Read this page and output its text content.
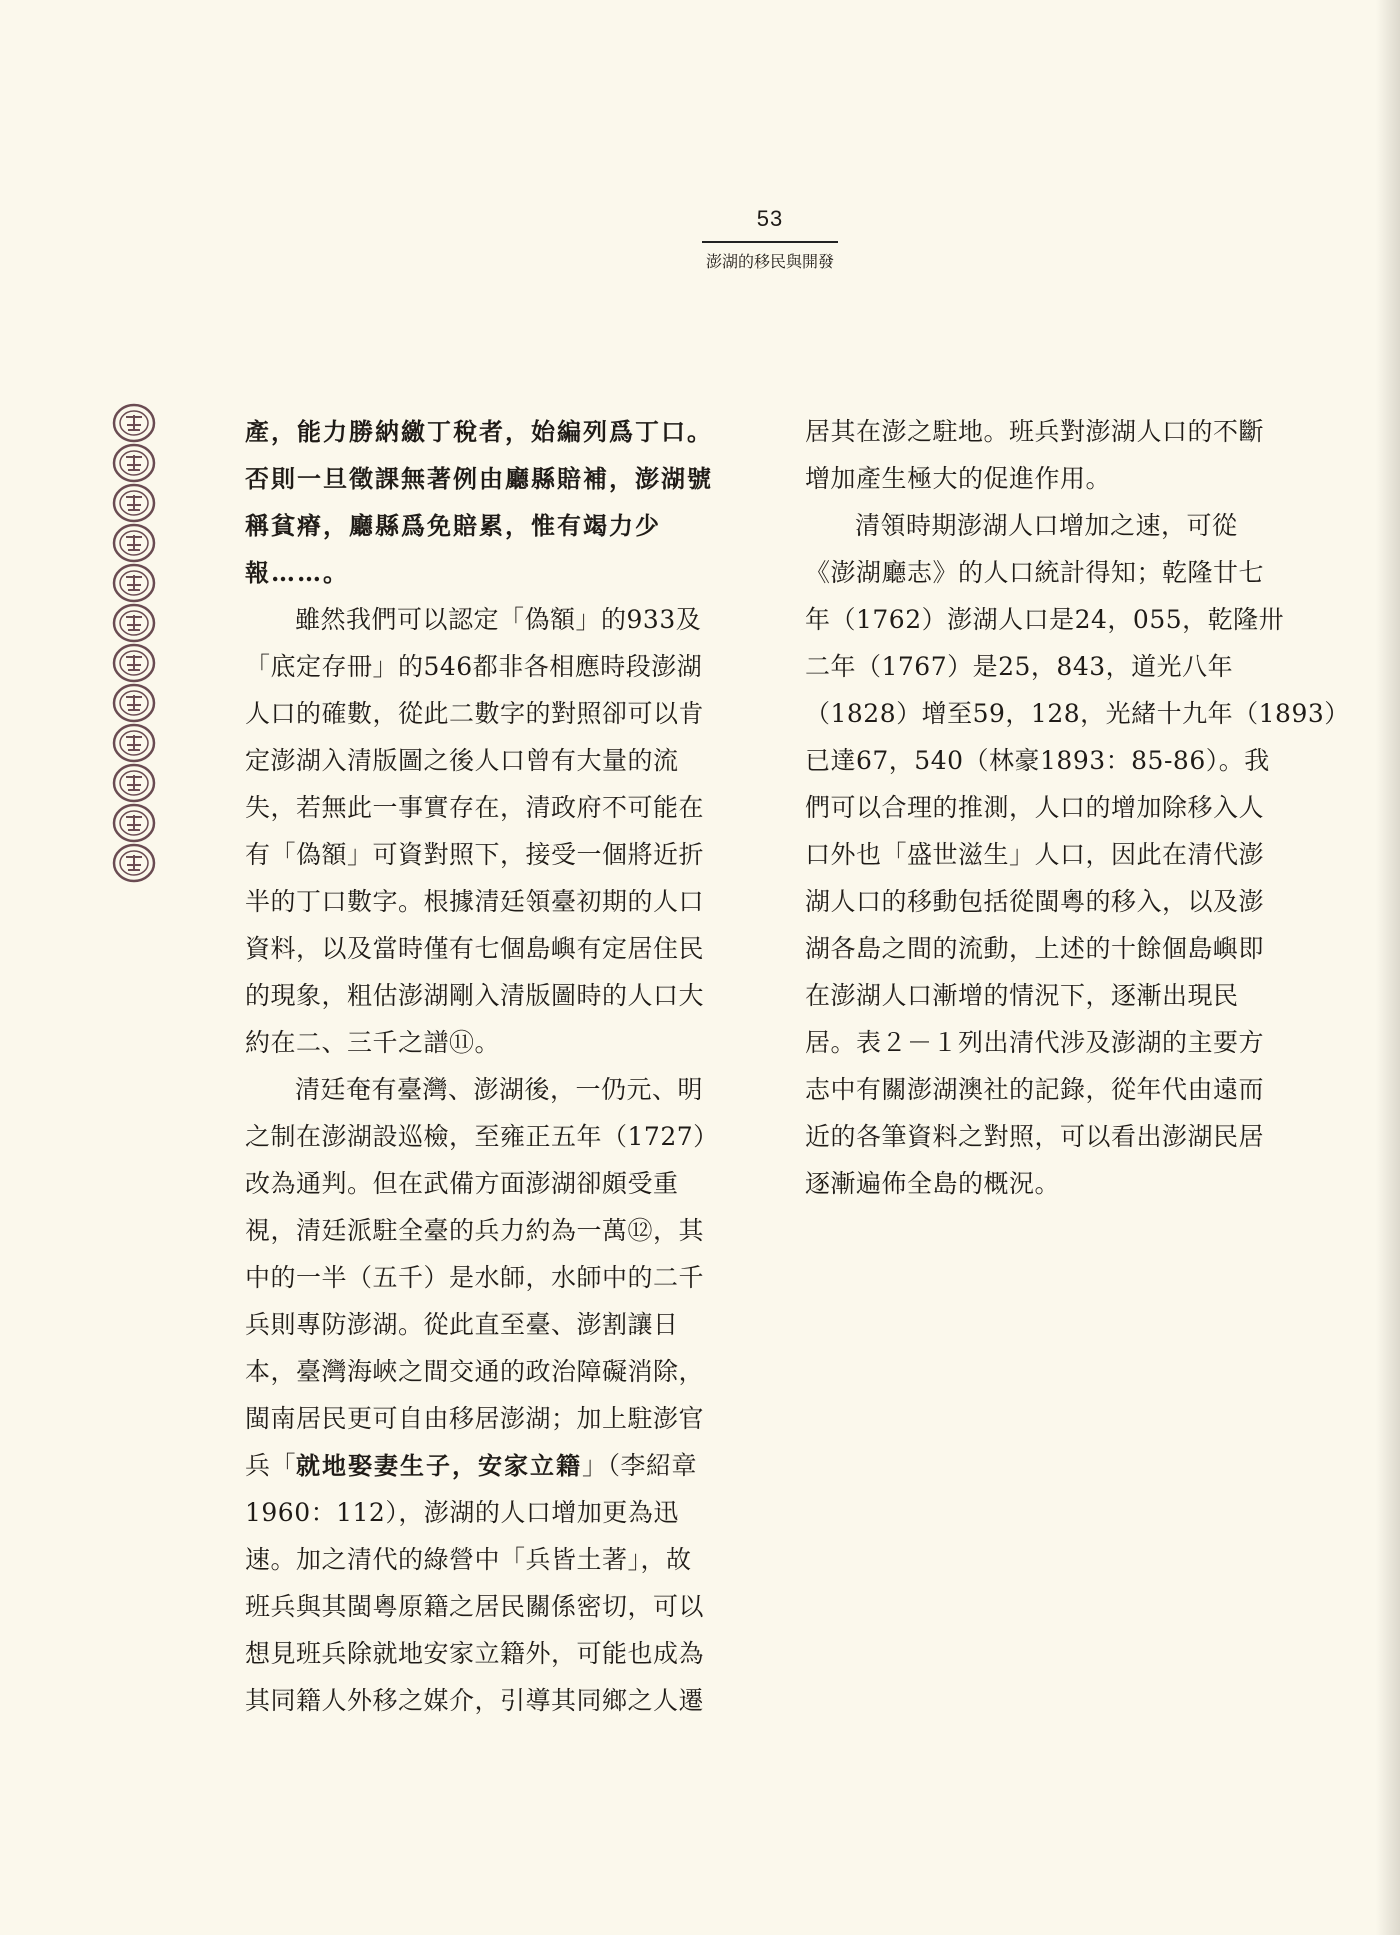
53
澎湖的移民與開發
產，能力勝納繳丁稅者，始編列爲丁口。
否則一旦徵課無著例由廳縣賠補，澎湖號
稱貧瘠，廳縣爲免賠累，惟有竭力少
報……。
雖然我們可以認定「偽額」的933及
「底定存冊」的546都非各相應時段澎湖
人口的確數，從此二數字的對照卻可以肯
定澎湖入清版圖之後人口曾有大量的流
失，若無此一事實存在，清政府不可能在
有「偽額」可資對照下，接受一個將近折
半的丁口數字。根據清廷領臺初期的人口
資料，以及當時僅有七個島嶼有定居住民
的現象，粗估澎湖剛入清版圖時的人口大
約在二、三千之譜⑪。
清廷奄有臺灣、澎湖後，一仍元、明
之制在澎湖設巡檢，至雍正五年（1727）
改為通判。但在武備方面澎湖卻頗受重
視，清廷派駐全臺的兵力約為一萬⑫，其
中的一半（五千）是水師，水師中的二千
兵則專防澎湖。從此直至臺、澎割讓日
本，臺灣海峽之間交通的政治障礙消除，
閩南居民更可自由移居澎湖；加上駐澎官
兵「就地娶妻生子，安家立籍」（李紹章
1960：112），澎湖的人口增加更為迅
速。加之清代的綠營中「兵皆土著」，故
班兵與其閩粵原籍之居民關係密切，可以
想見班兵除就地安家立籍外，可能也成為
其同籍人外移之媒介，引導其同鄉之人遷
居其在澎之駐地。班兵對澎湖人口的不斷
增加產生極大的促進作用。
清領時期澎湖人口增加之速，可從
《澎湖廳志》的人口統計得知；乾隆廿七
年（1762）澎湖人口是24，055，乾隆卅
二年（1767）是25，843，道光八年
（1828）增至59，128，光緒十九年（1893）
已達67，540（林豪1893：85-86）。我
們可以合理的推測，人口的增加除移入人
口外也「盛世滋生」人口，因此在清代澎
湖人口的移動包括從閩粵的移入，以及澎
湖各島之間的流動，上述的十餘個島嶼即
在澎湖人口漸增的情況下，逐漸出現民
居。表２－１列出清代涉及澎湖的主要方
志中有關澎湖澳社的記錄，從年代由遠而
近的各筆資料之對照，可以看出澎湖民居
逐漸遍佈全島的概況。
